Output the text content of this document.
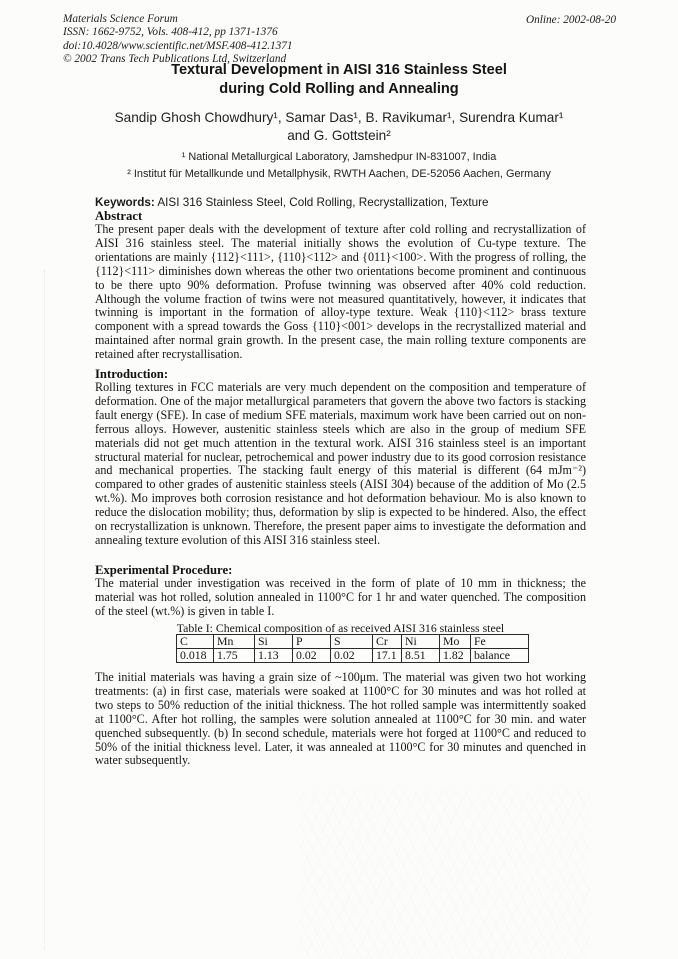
Materials Science Forum
ISSN: 1662-9752, Vols. 408-412, pp 1371-1376
doi:10.4028/www.scientific.net/MSF.408-412.1371
© 2002 Trans Tech Publications Ltd, Switzerland
Online: 2002-08-20
Textural Development in AISI 316 Stainless Steel
during Cold Rolling and Annealing
Sandip Ghosh Chowdhury¹, Samar Das¹, B. Ravikumar¹, Surendra Kumar¹
and G. Gottstein²
¹ National Metallurgical Laboratory, Jamshedpur IN-831007, India
² Institut für Metallkunde und Metallphysik, RWTH Aachen, DE-52056 Aachen, Germany
Keywords: AISI 316 Stainless Steel, Cold Rolling, Recrystallization, Texture
Abstract

The present paper deals with the development of texture after cold rolling and recrystallization of AISI 316 stainless steel. The material initially shows the evolution of Cu-type texture. The orientations are mainly {112}<111>, {110}<112> and {011}<100>. With the progress of rolling, the {112}<111> diminishes down whereas the other two orientations become prominent and continuous to be there upto 90% deformation. Profuse twinning was observed after 40% cold reduction. Although the volume fraction of twins were not measured quantitatively, however, it indicates that twinning is important in the formation of alloy-type texture. Weak {110}<112> brass texture component with a spread towards the Goss {110}<001> develops in the recrystallized material and maintained after normal grain growth. In the present case, the main rolling texture components are retained after recrystallisation.

Introduction:

Rolling textures in FCC materials are very much dependent on the composition and temperature of deformation. One of the major metallurgical parameters that govern the above two factors is stacking fault energy (SFE). In case of medium SFE materials, maximum work have been carried out on non-ferrous alloys. However, austenitic stainless steels which are also in the group of medium SFE materials did not get much attention in the textural work. AISI 316 stainless steel is an important structural material for nuclear, petrochemical and power industry due to its good corrosion resistance and mechanical properties. The stacking fault energy of this material is different (64 mJm⁻²) compared to other grades of austenitic stainless steels (AISI 304) because of the addition of Mo (2.5 wt.%). Mo improves both corrosion resistance and hot deformation behaviour. Mo is also known to reduce the dislocation mobility; thus, deformation by slip is expected to be hindered. Also, the effect on recrystallization is unknown. Therefore, the present paper aims to investigate the deformation and annealing texture evolution of this AISI 316 stainless steel.

Experimental Procedure:

The material under investigation was received in the form of plate of 10 mm in thickness; the material was hot rolled, solution annealed in 1100°C for 1 hr and water quenched. The composition of the steel (wt.%) is given in table I.

Table I: Chemical composition of as received AISI 316 stainless steel
C	Mn	Si	P	S	Cr	Ni	Mo	Fe
0.018	1.75	1.13	0.02	0.02	17.1	8.51	1.82	balance

The initial materials was having a grain size of ~100μm. The material was given two hot working treatments: (a) in first case, materials were soaked at 1100°C for 30 minutes and was hot rolled at two steps to 50% reduction of the initial thickness. The hot rolled sample was intermittently soaked at 1100°C. After hot rolling, the samples were solution annealed at 1100°C for 30 min. and water quenched subsequently. (b) In second schedule, materials were hot forged at 1100°C and reduced to 50% of the initial thickness level. Later, it was annealed at 1100°C for 30 minutes and quenched in water subsequently.
